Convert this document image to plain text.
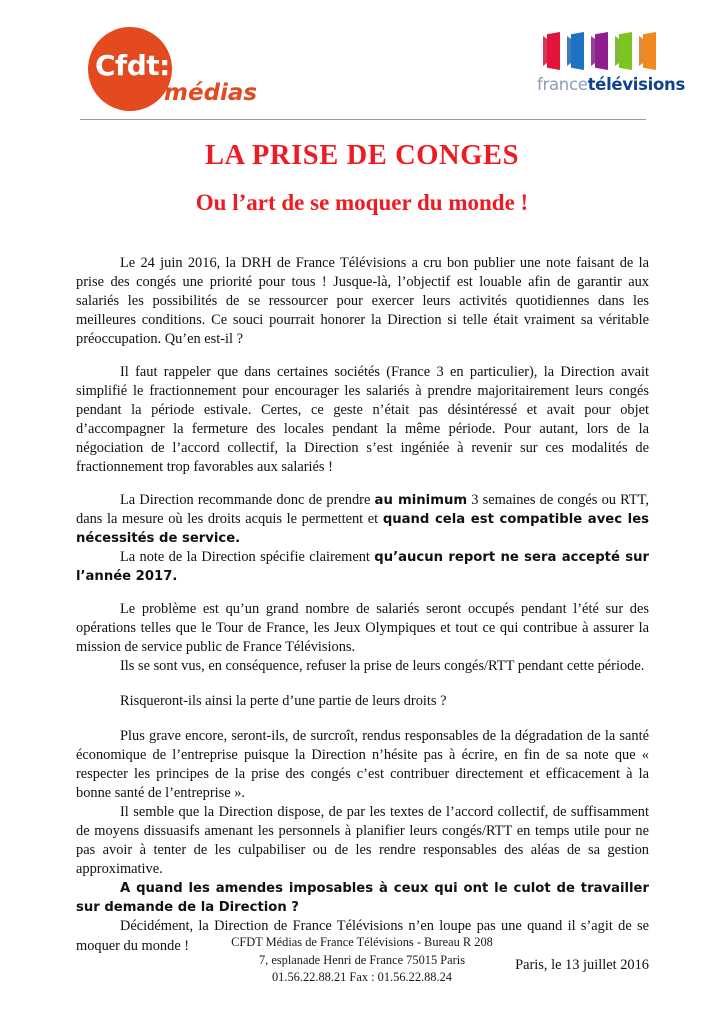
Cfdt:
médias	francetélévisions
LA PRISE DE CONGES
Ou l’art de se moquer du monde !

Le 24 juin 2016, la DRH de France Télévisions a cru bon publier une note faisant de la prise des congés une priorité pour tous ! Jusque-là, l’objectif est louable afin de garantir aux salariés les possibilités de se ressourcer pour exercer leurs activités quotidiennes dans les meilleures conditions. Ce souci pourrait honorer la Direction si telle était vraiment sa véritable préoccupation. Qu’en est-il ?

Il faut rappeler que dans certaines sociétés (France 3 en particulier), la Direction avait simplifié le fractionnement pour encourager les salariés à prendre majoritairement leurs congés pendant la période estivale. Certes, ce geste n’était pas désintéressé et avait pour objet d’accompagner la fermeture des locales pendant la même période. Pour autant, lors de la négociation de l’accord collectif, la Direction s’est ingéniée à revenir sur ces modalités de fractionnement trop favorables aux salariés !

La Direction recommande donc de prendre au minimum 3 semaines de congés ou RTT, dans la mesure où les droits acquis le permettent et quand cela est compatible avec les nécessités de service.

La note de la Direction spécifie clairement qu’aucun report ne sera accepté sur l’année 2017.

Le problème est qu’un grand nombre de salariés seront occupés pendant l’été sur des opérations telles que le Tour de France, les Jeux Olympiques et tout ce qui contribue à assurer la mission de service public de France Télévisions.

Ils se sont vus, en conséquence, refuser la prise de leurs congés/RTT pendant cette période.

Risqueront-ils ainsi la perte d’une partie de leurs droits ?

Plus grave encore, seront-ils, de surcroît, rendus responsables de la dégradation de la santé économique de l’entreprise puisque la Direction n’hésite pas à écrire, en fin de sa note que « respecter les principes de la prise des congés c’est contribuer directement et efficacement à la bonne santé de l’entreprise ».

Il semble que la Direction dispose, de par les textes de l’accord collectif, de suffisamment de moyens dissuasifs amenant les personnels à planifier leurs congés/RTT en temps utile pour ne pas avoir à tenter de les culpabiliser ou de les rendre responsables des aléas de sa gestion approximative.

A quand les amendes imposables à ceux qui ont le culot de travailler sur demande de la Direction ?

Décidément, la Direction de France Télévisions n’en loupe pas une quand il s’agit de se moquer du monde !

Paris, le 13 juillet 2016

CFDT Médias de France Télévisions - Bureau R 208
7, esplanade Henri de France 75015 Paris
01.56.22.88.21 Fax : 01.56.22.88.24
